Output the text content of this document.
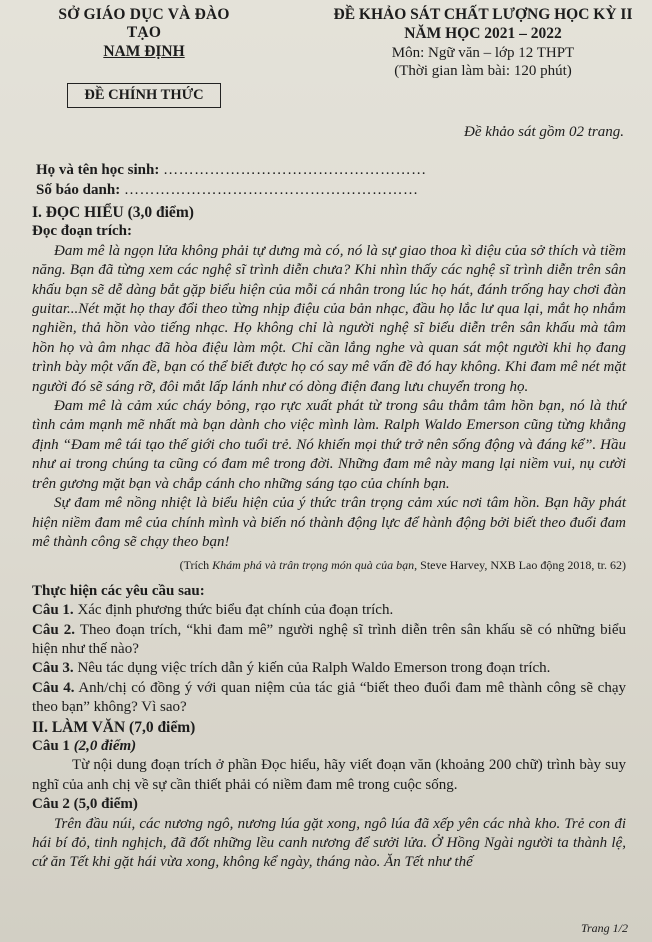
SỞ GIÁO DỤC VÀ ĐÀO TẠO
NAM ĐỊNH
ĐỀ CHÍNH THỨC
ĐỀ KHẢO SÁT CHẤT LƯỢNG HỌC KỲ II
NĂM HỌC 2021 – 2022
Môn: Ngữ văn – lớp 12 THPT
(Thời gian làm bài: 120 phút)
Đề khảo sát gồm 02 trang.
Họ và tên học sinh: ……………………………………………
Số báo danh: …………………………………………………

I. ĐỌC HIỂU (3,0 điểm)

Đọc đoạn trích:

Đam mê là ngọn lửa không phải tự dưng mà có, nó là sự giao thoa kì diệu của sở thích và tiềm năng. Bạn đã từng xem các nghệ sĩ trình diễn chưa? Khi nhìn thấy các nghệ sĩ trình diễn trên sân khấu bạn sẽ dễ dàng bắt gặp biểu hiện của mỗi cá nhân trong lúc họ hát, đánh trống hay chơi đàn guitar...Nét mặt họ thay đổi theo từng nhịp điệu của bản nhạc, đầu họ lắc lư qua lại, mắt họ nhắm nghiền, thả hồn vào tiếng nhạc. Họ không chỉ là người nghệ sĩ biểu diễn trên sân khấu mà tâm hồn họ và âm nhạc đã hòa điệu làm một. Chỉ cần lắng nghe và quan sát một người khi họ đang trình bày một vấn đề, bạn có thể biết được họ có say mê vấn đề đó hay không. Khi đam mê nét mặt người đó sẽ sáng rỡ, đôi mắt lấp lánh như có dòng điện đang lưu chuyển trong họ.

Đam mê là cảm xúc cháy bỏng, rạo rực xuất phát từ trong sâu thẳm tâm hồn bạn, nó là thứ tình cảm mạnh mẽ nhất mà bạn dành cho việc mình làm. Ralph Waldo Emerson cũng từng khẳng định “Đam mê tái tạo thế giới cho tuổi trẻ. Nó khiến mọi thứ trở nên sống động và đáng kể”. Hầu như ai trong chúng ta cũng có đam mê trong đời. Những đam mê này mang lại niềm vui, nụ cười trên gương mặt bạn và chắp cánh cho những sáng tạo của chính bạn.

Sự đam mê nồng nhiệt là biểu hiện của ý thức trân trọng cảm xúc nơi tâm hồn. Bạn hãy phát hiện niềm đam mê của chính mình và biến nó thành động lực để hành động bởi biết theo đuổi đam mê thành công sẽ chạy theo bạn!

(Trích Khám phá và trân trọng món quà của bạn, Steve Harvey, NXB Lao động 2018, tr. 62)

Thực hiện các yêu cầu sau:

Câu 1. Xác định phương thức biểu đạt chính của đoạn trích.

Câu 2. Theo đoạn trích, “khi đam mê” người nghệ sĩ trình diễn trên sân khấu sẽ có những biểu hiện như thế nào?

Câu 3. Nêu tác dụng việc trích dẫn ý kiến của Ralph Waldo Emerson trong đoạn trích.

Câu 4. Anh/chị có đồng ý với quan niệm của tác giả “biết theo đuổi đam mê thành công sẽ chạy theo bạn” không? Vì sao?

II. LÀM VĂN (7,0 điểm)

Câu 1 (2,0 điểm)

Từ nội dung đoạn trích ở phần Đọc hiểu, hãy viết đoạn văn (khoảng 200 chữ) trình bày suy nghĩ của anh chị về sự cần thiết phải có niềm đam mê trong cuộc sống.

Câu 2 (5,0 điểm)

Trên đầu núi, các nương ngô, nương lúa gặt xong, ngô lúa đã xếp yên các nhà kho. Trẻ con đi hái bí đỏ, tinh nghịch, đã đốt những lều canh nương để sưởi lửa. Ở Hồng Ngài người ta thành lệ, cứ ăn Tết khi gặt hái vừa xong, không kể ngày, tháng nào. Ăn Tết như thế

Trang 1/2
